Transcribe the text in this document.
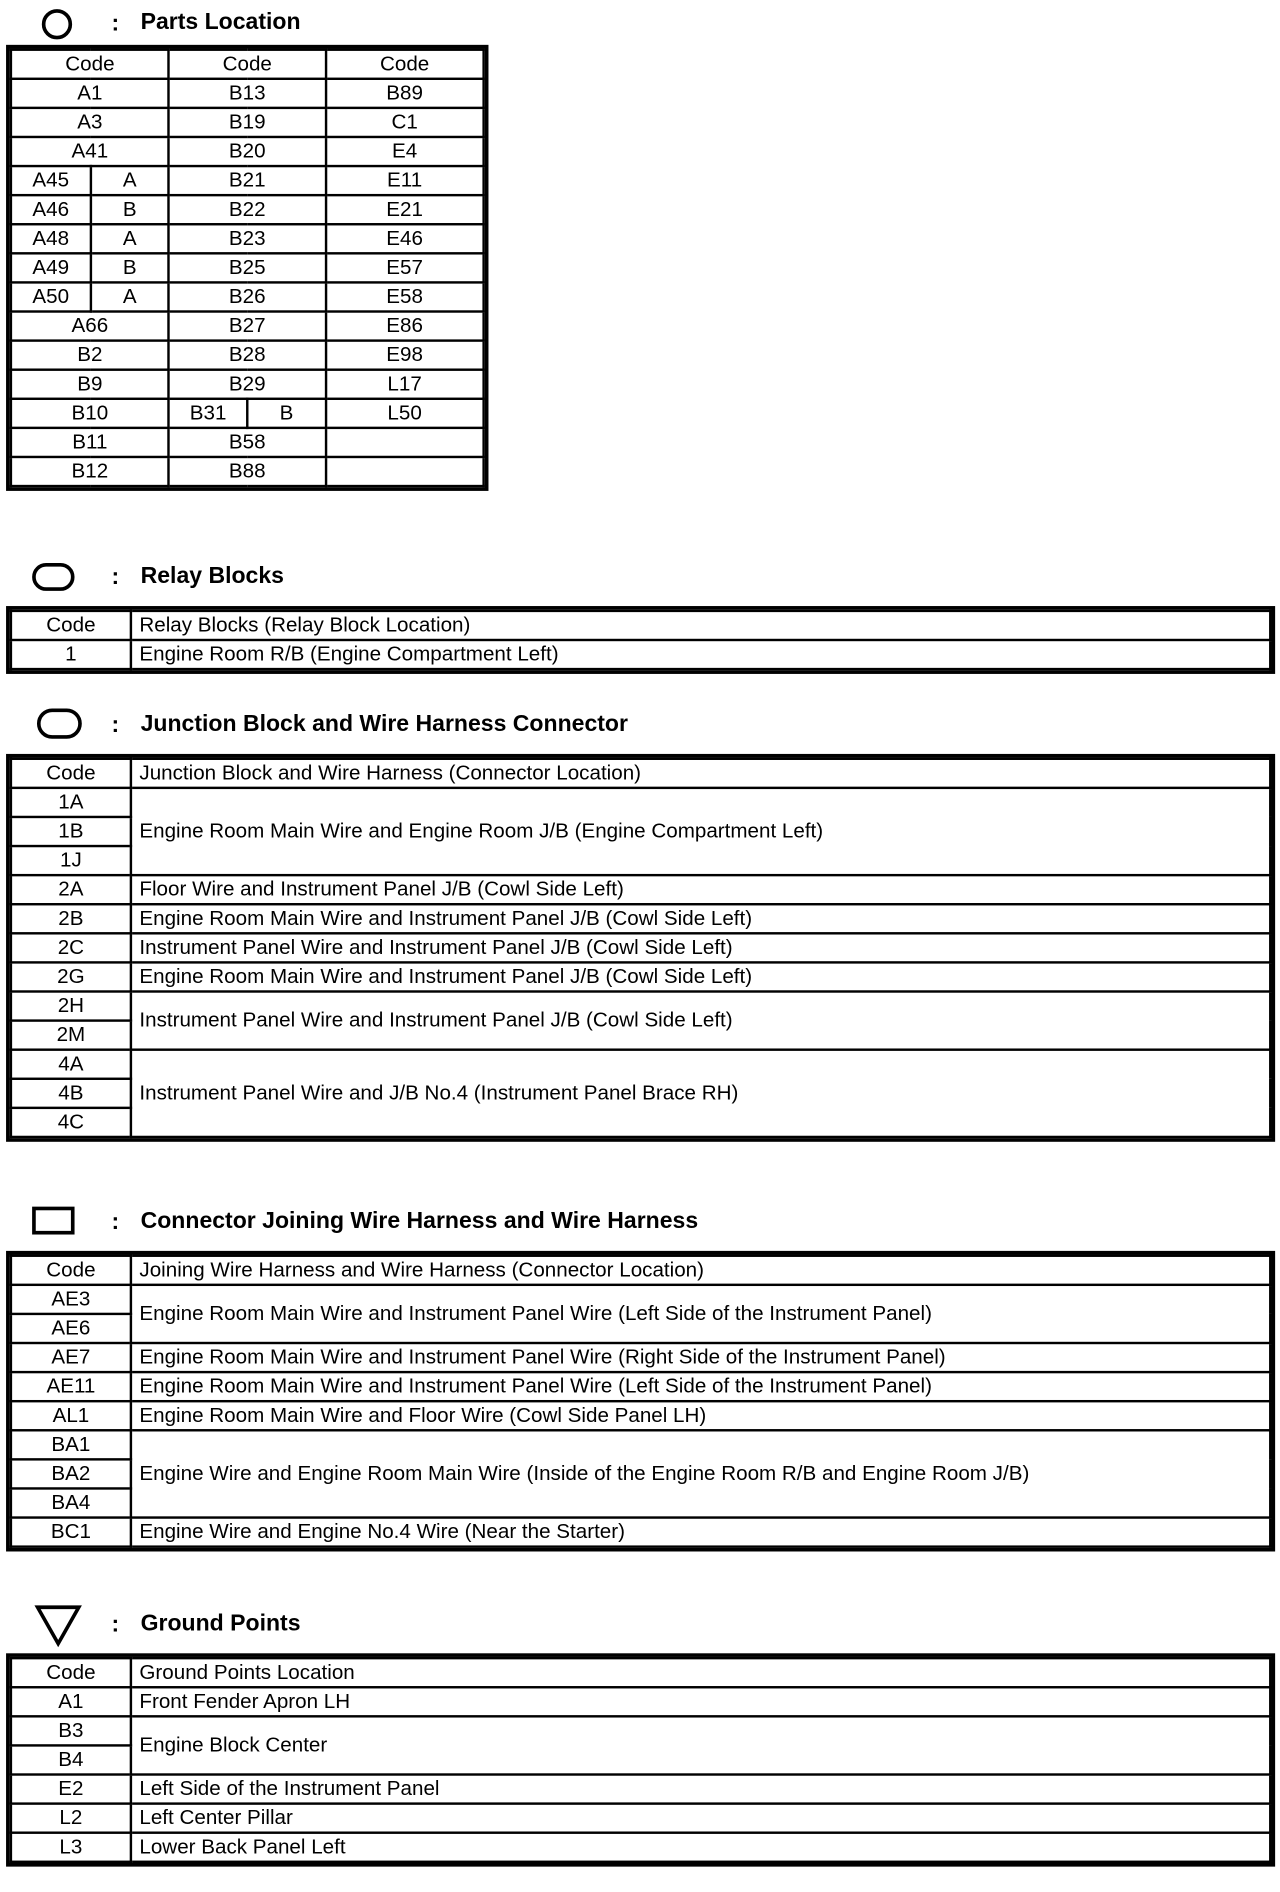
: Parts Location
Code		Code		Code
A1		B13		B89
A3		B19		C1
A41		B20		E4
A45	A	B21		E11
A46	B	B22		E21
A48	A	B23		E46
A49	B	B25		E57
A50	A	B26		E58
A66		B27		E86
B2		B28		E98
B9		B29		L17
B10		B31	B	L50
B11		B58		
B12		B88		
: Relay Blocks
Code	Relay Blocks (Relay Block Location)
1	Engine Room R/B (Engine Compartment Left)
: Junction Block and Wire Harness Connector
Code	Junction Block and Wire Harness (Connector Location)
1A	Engine Room Main Wire and Engine Room J/B (Engine Compartment Left)
1B	
1J	
2A	Floor Wire and Instrument Panel J/B (Cowl Side Left)
2B	Engine Room Main Wire and Instrument Panel J/B (Cowl Side Left)
2C	Instrument Panel Wire and Instrument Panel J/B (Cowl Side Left)
2G	Engine Room Main Wire and Instrument Panel J/B (Cowl Side Left)
2H	Instrument Panel Wire and Instrument Panel J/B (Cowl Side Left)
2M	
4A	Instrument Panel Wire and J/B No.4 (Instrument Panel Brace RH)
4B	
4C	
: Connector Joining Wire Harness and Wire Harness
Code	Joining Wire Harness and Wire Harness (Connector Location)
AE3	Engine Room Main Wire and Instrument Panel Wire (Left Side of the Instrument Panel)
AE6	
AE7	Engine Room Main Wire and Instrument Panel Wire (Right Side of the Instrument Panel)
AE11	Engine Room Main Wire and Instrument Panel Wire (Left Side of the Instrument Panel)
AL1	Engine Room Main Wire and Floor Wire (Cowl Side Panel LH)
BA1	Engine Wire and Engine Room Main Wire (Inside of the Engine Room R/B and Engine Room J/B)
BA2	
BA4	
BC1	Engine Wire and Engine No.4 Wire (Near the Starter)
: Ground Points
Code	Ground Points Location
A1	Front Fender Apron LH
B3	Engine Block Center
B4	
E2	Left Side of the Instrument Panel
L2	Left Center Pillar
L3	Lower Back Panel Left
